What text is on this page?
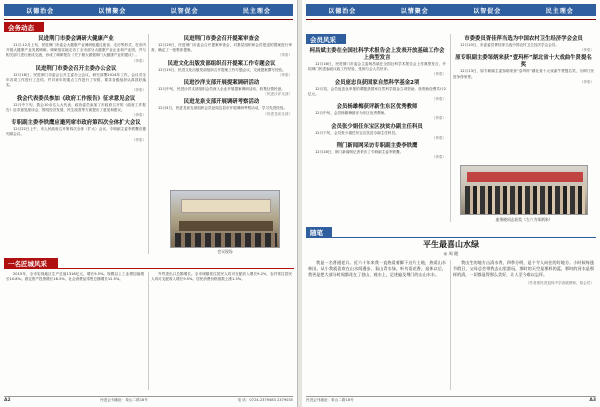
以德治会	以情聚会	以智促会	民主理会
会务动态
民进荆门市委会调研大健康产业
11月-12月上旬，民进荆门市委会大健康产业调研组通过座谈、走访等形式，在市内开展大健康产业发展调研。调研组实地走访了全市部分大健康产业企业和产业园，并与相关部门进行座谈交流，形成了调研报告《关于做大做强荆门大健康产业的建议》。
（李泰）
民进荆门市委会召开主委办公会议
12月18日，民进荆门市委会召开主委办公会议，研究部署2014年工作。会议对全年各项工作进行了总结，并对来年的重点工作进行了安排，要求各级组织认真抓好落实。
（李泰）
我会代表委员参加《政府工作报告》征求意见会议
12月中下旬，我会10余名人大代表、政协委员参加了市政府召开的《政府工作报告》征求意见座谈会，围绕经济发展、民生改善等方面提出了意见和建议。
（李泰）
专职副主委李铁鹰应邀列席市政府第四次全体扩大会议
12月22日上午，市人民政府召开第四次全体（扩大）会议，专职副主委李铁鹰应邀列席会议。
（李泰）
民进荆门市委会召开提案审查会
12月25日，民进荆门市委会召开提案审查会，对基层组织和会员报送的提案进行审查，确定了一批集体提案。
（李泰）
民进文化出版发部组织召开提案工作专题会议
12月15日，民进文化出版发部组织召开提案工作专题会议，交流提案撰写经验。
（李泰）
民进沙洋支部开展提案调研活动
12月中旬，民进沙洋支部组织会员深入企业开展提案调研活动，收集社情民意。
（民进沙洋支部）
民进龙泉支部开展调研考察活动
12月4日，民进龙泉支部组织会员赴周边县市开展调研考察活动，学习先进经验。
（民进龙泉支部）
会议现场
一名匠城风采
2015年，全市实现地区生产总值1316亿元，增长9.5%。规模以上工业增加值增长10.8%。固定资产投资增长18.5%，社会消费品零售总额增长12.5%。
外贸进出口总额增长。全市城镇常住居民人均可支配收入增长9.2%，农村常住居民人均可支配收入增长9.5%。居民消费价格指数上涨1.3%。
A2	民进会刊地址：象山二路18号	电 话：0724-2379083 2379035
以德治会	以情聚会	以智促会	民主理会
会员风采
柯昌斌主委在全国社科学术报告会上发表开放基础工作会上典型发言
12月16日，民进荆门市委会主委柯昌斌在全国社科学术报告会上作典型发言，介绍荆门民进参政议政工作经验，受到与会人员好评。
（李泰）
会员庞忠良获国家自然科学基金2项
12月初，会员庞忠良申报的课题获国家自然科学基金立项资助，获资助经费共计2亿元。
（李泰）
会员杨雄梅获评新生东区优秀教师
12月中旬，会员杨雄梅被评为东区优秀教师。
（李泰）
会员张少娟任东宝区扶贫办副主任科员
12月下旬，会员张少娟任东宝区扶贫办副主任科员。
（李泰）
荆门新闻网采访专职副主委李铁鹰
12月18日，荆门新闻网记者采访了专职副主委李铁鹰。
（李泰）
市委委员胥佳萍当选为中国农村卫生经济学会会员
12月10日，市委委员胥佳萍当选中国农村卫生经济学会会员。
（李泰）
原专职副主委邹炳来获“壹玛杯”湖北省十大戏曲牛贤提名奖
12月13日，原专职副主委邹炳来获“壹玛杯”湖北省十大戏曲牛贤提名奖，为荆门民进争得荣誉。
（李泰）
庞秉晓同志获奖（左六为邹炳来）
随笔
平生最喜山水绿
◎ 周 健
我是一名普通老兵。近六十年来我一直热爱着脚下这片土地，热爱山水林田。从小我就喜欢在山水间漫步，看山青水绿，听鸟语花香。退休以后，我更是把大部分时间都花在了登山、观水上，足迹遍及荆门的山山水水。
我出生的地方山清水秀，四季分明，是个令人向往的好地方。小时候每逢节假日，父母总会带我去山里游玩，那时的天空是那样的蓝，那时的河水是那样的清，一切都显得那么美好，让人至今难以忘怀。
（作者系民进退休中学高级教师，原会员）
民进会刊地址：象山二路18号	A3
